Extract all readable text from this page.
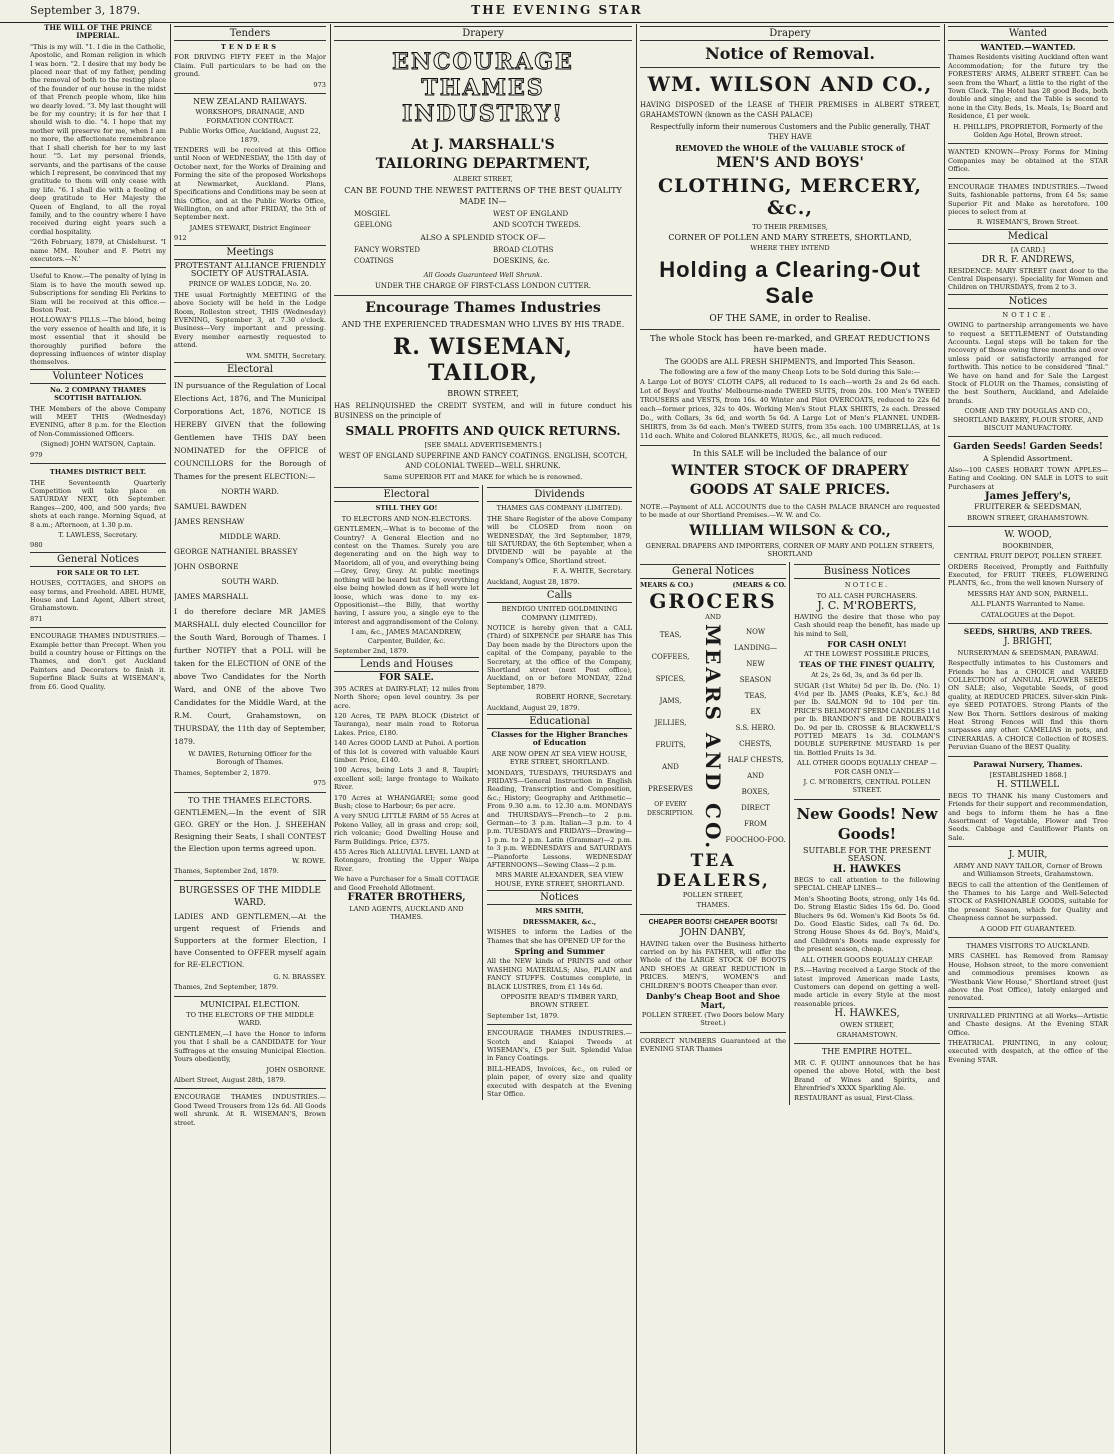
September 3, 1879.	THE EVENING STAR

THE WILL OF THE PRINCE IMPERIAL.

"This is my will. "1. I die in the Catholic, Apostolic, and Roman religion in which I was born. "2. I desire that my body be placed near that of my father, pending the removal of both to the resting place of the founder of our house in the midst of that French people whom, like him we dearly loved. "3. My last thought will be for my country; it is for her that I should wish to die. "4. I hope that my mother will preserve for me, when I am no more, the affectionate remembrance that I shall cherish for her to my last hour. "5. Let my personal friends, servants, and the partisans of the cause which I represent, be convinced that my gratitude to them will only cease with my life. "6. I shall die with a feeling of deep gratitude to Her Majesty the Queen of England, to all the royal family, and to the country where I have received during eight years such a cordial hospitality.

"26th February, 1879, at Chislehurst. "I name MM. Rouher and F. Pietri my executors.—N.'

Useful to Know.—The penalty of lying in Siam is to have the mouth sewed up. Subscriptions for sending Eli Perkins to Siam will be received at this office.—Boston Post.

HOLLOWAY'S PILLS.—The blood, being the very essence of health and life, it is most essential that it should be thoroughly purified before the depressing influences of winter display themselves.

Volunteer Notices

No. 2 COMPANY THAMES SCOTTISH BATTALION.

THE Members of the above Company will MEET THIS (Wednesday) EVENING, after 8 p.m. for the Election of Non-Commissioned Officers.

(Signed) JOHN WATSON, Captain.

979

THAMES DISTRICT BELT.

THE Seventeenth Quarterly Competition will take place on SATURDAY NEXT, 6th September. Ranges—200, 400, and 500 yards; five shots at each range. Morning Squad, at 8 a.m.; Afternoon, at 1.30 p.m.

T. LAWLESS, Secretary.

980

General Notices

FOR SALE OR TO LET.

HOUSES, COTTAGES, and SHOPS on easy terms, and Freehold. ABEL HUME, House and Land Agent, Albert street, Grahamstown.

871

ENCOURAGE THAMES INDUSTRIES.—Example better than Precept. When you build a country house or Fittings on the Thames, and don't get Auckland Painters and Decorators to finish it. Superfine Black Suits at WISEMAN's, from £6. Good Quality.

Tenders

TENDERS

FOR DRIVING FIFTY FEET in the Major Claim. Full particulars to be had on the ground.

973

NEW ZEALAND RAILWAYS.

WORKSHOPS, DRAINAGE, AND FORMATION CONTRACT.

Public Works Office, Auckland, August 22, 1879.

TENDERS will be received at this Office until Noon of WEDNESDAY, the 15th day of October next, for the Works of Draining and Forming the site of the proposed Workshops at Newmarket, Auckland. Plans, Specifications and Conditions may be seen at this Office, and at the Public Works Office, Wellington, on and after FRIDAY, the 5th of September next.

JAMES STEWART, District Engineer

912

Meetings

PROTESTANT ALLIANCE FRIENDLY SOCIETY OF AUSTRALASIA.

PRINCE OF WALES LODGE, No. 20.

THE usual Fortnightly MEETING of the above Society will be held in the Lodge Room, Rolleston street, THIS (Wednesday) EVENING, September 3, at 7.30 o'clock. Business—Very important and pressing. Every member earnestly requested to attend.

WM. SMITH, Secretary.

Electoral

IN pursuance of the Regulation of Local Elections Act, 1876, and The Municipal Corporations Act, 1876, NOTICE IS HEREBY GIVEN that the following Gentlemen have THIS DAY been NOMINATED for the OFFICE of COUNCILLORS for the Borough of Thames for the present ELECTION:—

NORTH WARD.

SAMUEL BAWDEN

JAMES RENSHAW

MIDDLE WARD.

GEORGE NATHANIEL BRASSEY

JOHN OSBORNE

SOUTH WARD.

JAMES MARSHALL

I do therefore declare MR JAMES MARSHALL duly elected Councillor for the South Ward, Borough of Thames. I further NOTIFY that a POLL will be taken for the ELECTION of ONE of the above Two Candidates for the North Ward, and ONE of the above Two Candidates for the Middle Ward, at the R.M. Court, Grahamstown, on THURSDAY, the 11th day of September, 1879.

W. DAVIES, Returning Officer for the Borough of Thames.

Thames, September 2, 1879.

975

TO THE THAMES ELECTORS.

GENTLEMEN,—In the event of SIR GEO. GREY or the Hon. J. SHEEHAN Resigning their Seats, I shall CONTEST the Election upon terms agreed upon.

W. ROWE.

Thames, September 2nd, 1879.

BURGESSES OF THE MIDDLE WARD.

LADIES AND GENTLEMEN,—At the urgent request of Friends and Supporters at the former Election, I have Consented to OFFER myself again for RE-ELECTION.

G. N. BRASSEY.

Thames, 2nd September, 1879.

MUNICIPAL ELECTION.

TO THE ELECTORS OF THE MIDDLE WARD.

GENTLEMEN,—I have the Honor to inform you that I shall be a CANDIDATE for Your Suffrages at the ensuing Municipal Election. Yours obediently,

JOHN OSBORNE.

Albert Street, August 28th, 1879.

ENCOURAGE THAMES INDUSTRIES.—Good Tweed Trousers from 12s 6d. All Goods well shrunk. At R. WISEMAN'S, Brown street.

Drapery
ENCOURAGE
THAMES
INDUSTRY!
At J. MARSHALL'S
TAILORING DEPARTMENT,

ALBERT STREET,

CAN BE FOUND THE NEWEST PATTERNS OF THE BEST QUALITY MADE IN—

MOSGIEL
GEELONG
WEST OF ENGLAND
AND SCOTCH TWEEDS.

ALSO A SPLENDID STOCK OF—

FANCY WORSTED
COATINGS
BROAD CLOTHS
DOESKINS, &c.

All Goods Guaranteed Well Shrunk.

UNDER THE CHARGE OF FIRST-CLASS LONDON CUTTER.

Encourage Thames Industries

AND THE EXPERIENCED TRADESMAN WHO LIVES BY HIS TRADE.

R. WISEMAN, TAILOR,

BROWN STREET,

HAS RELINQUISHED the CREDIT SYSTEM, and will in future conduct his BUSINESS on the principle of

SMALL PROFITS AND QUICK RETURNS.

[SEE SMALL ADVERTISEMENTS.]

WEST OF ENGLAND SUPERFINE AND FANCY COATINGS. ENGLISH, SCOTCH, AND COLONIAL TWEED—WELL SHRUNK.

Same SUPERIOR FIT and MAKE for which he is renowned.

Electoral

STILL THEY GO!

TO ELECTORS AND NON-ELECTORS.

GENTLEMEN,—What is to become of the Country? A General Election and no contest on the Thames. Surely you are degenerating and on the high way to Maoridom, all of you, and everything being—Grey, Grey, Grey. At public meetings nothing will be heard but Grey, everything else being howled down as if hell were let loose, which was done to my ex-Oppositionist—the Billy, that worthy having, I assure you, a single eye to the interest and aggrandisement of the Colony.

I am, &c., JAMES MACANDREW, Carpenter, Builder, &c.

September 2nd, 1879.

Lends and Houses

FOR SALE.

395 ACRES at DAIRY-FLAT; 12 miles from North Shore; open level country. 3s per acre.

120 Acres, TE PAPA BLOCK (District of Tauranga), near main road to Rotorua Lakes. Price, £180.

140 Acres GOOD LAND at Puhoi. A portion of this lot is covered with valuable Kauri timber. Price, £140.

100 Acres, being Lots 3 and 8, Taupiri; excellent soil; large frontage to Waikato River.

170 Acres at WHANGAREI; some good Bush; close to Harbour; 6s per acre.

A very SNUG LITTLE FARM of 55 Acres at Pokeno Valley, all in grass and crop; soil, rich volcanic; Good Dwelling House and Farm Buildings. Price, £375.

455 Acres Rich ALLUVIAL LEVEL LAND at Rotongaro, fronting the Upper Waipa River.

We have a Purchaser for a Small COTTAGE and Good Freehold Allotment.

FRATER BROTHERS,

LAND AGENTS, AUCKLAND AND THAMES.

Dividends

THAMES GAS COMPANY (LIMITED).

THE Share Register of the above Company will be CLOSED from noon on WEDNESDAY, the 3rd September, 1879, till SATURDAY, the 6th September, when a DIVIDEND will be payable at the Company's Office, Shortland street.

F. A. WHITE, Secretary.

Auckland, August 28, 1879.

Calls

BENDIGO UNITED GOLDMINING COMPANY (LIMITED).

NOTICE is hereby given that a CALL (Third) of SIXPENCE per SHARE has This Day been made by the Directors upon the capital of the Company, payable to the Secretary, at the office of the Company, Shortland street (next Post office), Auckland, on or before MONDAY, 22nd September, 1879.

ROBERT HORNE, Secretary.

Auckland, August 29, 1879.

Educational

Classes for the Higher Branches of Education

ARE NOW OPEN AT SEA VIEW HOUSE, EYRE STREET, SHORTLAND.

MONDAYS, TUESDAYS, THURSDAYS and FRIDAYS—General Instruction in English Reading, Transcription and Composition, &c.; History; Geography and Arithmetic—From 9.30 a.m. to 12.30 a.m. MONDAYS and THURSDAYS—French—to 2 p.m. German—to 3 p.m. Italian—3 p.m. to 4 p.m. TUESDAYS and FRIDAYS—Drawing—1 p.m. to 2 p.m. Latin (Grammar)—2 p.m. to 3 p.m. WEDNESDAYS and SATURDAYS—Pianoforte Lessons. WEDNESDAY AFTERNOONS—Sewing Class—2 p.m.

MRS MARIE ALEXANDER, SEA VIEW HOUSE, EYRE STREET, SHORTLAND.

Notices

MRS SMITH,

DRESSMAKER, &c.,

WISHES to inform the Ladies of the Thames that she has OPENED UP for the

Spring and Summer

All the NEW kinds of PRINTS and other WASHING MATERIALS; Also, PLAIN and FANCY STUFFS. Costumes complete, in BLACK LUSTRES, from £1 14s 6d.

OPPOSITE READ'S TIMBER YARD, BROWN STREET.

September 1st, 1879.

ENCOURAGE THAMES INDUSTRIES.—Scotch and Kaiapoi Tweeds at WISEMAN's, £5 per Suit. Splendid Value in Fancy Coatings.

BILL-HEADS, Invoices, &c., on ruled or plain paper, of every size and quality executed with despatch at the Evening Star Office.

Drapery
Notice of Removal.
WM. WILSON AND CO.,

HAVING DISPOSED of the LEASE of THEIR PREMISES in ALBERT STREET, GRAHAMSTOWN (known as the CASH PALACE)

Respectfully inform their numerous Customers and the Public generally, THAT THEY HAVE

REMOVED the WHOLE of the VALUABLE STOCK of

MEN'S AND BOYS'
CLOTHING, MERCERY, &c.,

TO THEIR PREMISES,

CORNER OF POLLEN AND MARY STREETS, SHORTLAND,

WHERE THEY INTEND

Holding a Clearing-Out Sale

OF THE SAME, in order to Realise.

The whole Stock has been re-marked, and GREAT REDUCTIONS have been made.

The GOODS are ALL FRESH SHIPMENTS, and Imported This Season.

The following are a few of the many Cheap Lots to be Sold during this Sale:—

A Large Lot of BOYS' CLOTH CAPS, all reduced to 1s each—worth 2s and 2s 6d each. Lot of Boys' and Youths' Melbourne-made TWEED SUITS, from 20s. 100 Men's TWEED TROUSERS and VESTS, from 16s. 40 Winter and Pilot OVERCOATS, reduced to 22s 6d each—former prices, 32s to 40s. Working Men's Stout FLAX SHIRTS, 2s each. Dressed Do., with Collars, 3s 6d, and worth 5s 6d. A Large Lot of Men's FLANNEL UNDER-SHIRTS, from 3s 6d each. Men's TWEED SUITS, from 35s each. 100 UMBRELLAS, at 1s 11d each. White and Colored BLANKETS, RUGS, &c., all much reduced.

In this SALE will be included the balance of our

WINTER STOCK OF DRAPERY GOODS AT SALE PRICES.

NOTE.—Payment of ALL ACCOUNTS due to the CASH PALACE BRANCH are requested to be made at our Shortland Premises.—W. W. and Co.

WILLIAM WILSON & CO.,

GENERAL DRAPERS AND IMPORTERS, CORNER OF MARY AND POLLEN STREETS, SHORTLAND

General Notices
MEARS & CO.)	(MEARS & CO.
GROCERS

AND

TEAS,
COFFEES,
SPICES,
JAMS,
JELLIES,
FRUITS,
AND
PRESERVES
OF EVERY DESCRIPTION. MEARS AND CO.	NOW
LANDING—
NEW
SEASON
TEAS,
EX
S.S. HERO.
CHESTS,
HALF CHESTS,
AND
BOXES,
DIRECT
FROM
FOOCHOO-FOO.
TEA DEALERS,

POLLEN STREET,

THAMES.

CHEAPER BOOTS! CHEAPER BOOTS!

JOHN DANBY,

HAVING taken over the Business hitherto carried on by his FATHER, will offer the Whole of the LARGE STOCK OF BOOTS AND SHOES At GREAT REDUCTION in PRICES. MEN'S, WOMEN'S and CHILDREN'S BOOTS Cheaper than ever.

Danby's Cheap Boot and Shoe Mart,

POLLEN STREET. (Two Doors below Mary Street.)

CORRECT NUMBERS Guaranteed at the EVENING STAR Thames

Business Notices

NOTICE.

TO ALL CASH PURCHASERS.

J. C. M'ROBERTS,

HAVING the desire that those who pay Cash should reap the benefit, has made up his mind to Sell,

FOR CASH ONLY!

AT THE LOWEST POSSIBLE PRICES,

TEAS OF THE FINEST QUALITY,

At 2s, 2s 6d, 3s, and 3s 6d per lb.

SUGAR (1st White) 5d per lb. Do. (No. 1) 4½d per lb. JAMS (Peaks, K.E's, &c.) 8d per lb. SALMON 9d to 10d per tin. PRICE'S BELMONT SPERM CANDLES 11d per lb. BRANDON'S and DE ROUBAIX'S Do. 9d per lb. CROSSE & BLACKWELL'S POTTED MEATS 1s 3d. COLMAN'S DOUBLE SUPERFINE MUSTARD 1s per tin. Bottled Fruits 1s 3d.

ALL OTHER GOODS EQUALLY CHEAP —FOR CASH ONLY—

J. C. M'ROBERTS, CENTRAL POLLEN STREET.

New Goods! New Goods!

SUITABLE FOR THE PRESENT SEASON.

H. HAWKES

BEGS to call attention to the following SPECIAL CHEAP LINES—

Men's Shooting Boots, strong, only 14s 6d. Do. Strong Elastic Sides 15s 6d. Do. Good Bluchers 9s 6d. Women's Kid Boots 5s 6d. Do. Good Elastic Sides, call 7s 6d. Do. Strong House Shoes 4s 6d. Boy's, Maid's, and Children's Boots made expressly for the present season, cheap.

ALL OTHER GOODS EQUALLY CHEAP.

P.S.—Having received a Large Stock of the latest improved American made Lasts, Customers can depend on getting a well-made article in every Style at the most reasonable prices.

H. HAWKES,

OWEN STREET,

GRAHAMSTOWN.

THE EMPIRE HOTEL.

MR C. F. QUINT announces that he has opened the above Hotel, with the best Brand of Wines and Spirits, and Ehrenfried's XXXX Sparkling Ale.

RESTAURANT as usual, First-Class.

Wanted

WANTED.—WANTED.

Thames Residents visiting Auckland often want Accommodation; for the future try the FORESTERS' ARMS, ALBERT STREET. Can be seen from the Wharf, a little to the right of the Town Clock. The Hotel has 28 good Beds, both double and single; and the Table is second to none in the City. Beds, 1s. Meals, 1s; Board and Residence, £1 per week.

H. PHILLIPS, PROPRIETOR, Formerly of the Golden Age Hotel, Brown street.

WANTED KNOWN—Proxy Forms for Mining Companies may be obtained at the STAR Office.

ENCOURAGE THAMES INDUSTRIES.—Tweed Suits, fashionable patterns, from £4 5s; same Superior Fit and Make as heretofore. 100 pieces to select from at

R. WISEMAN'S, Brown Street.

Medical

[A CARD.]

DR R. F. ANDREWS,

RESIDENCE: MARY STREET (next door to the Central Dispensary). Speciality for Women and Children on THURSDAYS, from 2 to 3.

Notices

NOTICE.

OWING to partnership arrangements we have to request a SETTLEMENT of Outstanding Accounts. Legal steps will be taken for the recovery of those owing three months and over unless paid or satisfactorily arranged for forthwith. This notice to be considered "final." We have on hand and for Sale the Largest Stock of FLOUR on the Thames, consisting of the best Southern, Auckland, and Adelaide brands.

COME AND TRY DOUGLAS AND CO., SHORTLAND BAKERY, FLOUR STORE, AND BISCUIT MANUFACTORY.

Garden Seeds! Garden Seeds!

A Splendid Assortment.

Also—100 CASES HOBART TOWN APPLES—Eating and Cooking. ON SALE in LOTS to suit Purchasers at

James Jeffery's,

FRUITERER & SEEDSMAN,

BROWN STREET, GRAHAMSTOWN.

W. WOOD,

BOOKBINDER,

CENTRAL FRUIT DEPOT, POLLEN STREET.

ORDERS Received, Promptly and Faithfully Executed, for FRUIT TREES, FLOWERING PLANTS, &c., from the well known Nursery of

MESSRS HAY AND SON, PARNELL.

ALL PLANTS Warranted to Name.

CATALOGUES at the Depot.

SEEDS, SHRUBS, AND TREES.

J. BRIGHT,

NURSERYMAN & SEEDSMAN, PARAWAI.

Respectfully intimates to his Customers and Friends he has a CHOICE and VARIED COLLECTION of ANNUAL FLOWER SEEDS ON SALE; also, Vegetable Seeds, of good quality, at REDUCED PRICES. Silver-skin Pink-eye SEED POTATOES. Strong Plants of the New Box Thorn. Settlers desirous of making Heat Strong Fences will find this thorn surpasses any other. CAMELIAS in pots, and CINERARIAS. A CHOICE Collection of ROSES. Peruvian Guano of the BEST Quality.

Parawai Nursery, Thames.

[ESTABLISHED 1868.]

H. STILWELL

BEGS TO THANK his many Customers and Friends for their support and recommendation, and begs to inform them he has a fine Assortment of Vegetable, Flower and Tree Seeds. Cabbage and Cauliflower Plants on Sale.

J. MUIR,

ARMY AND NAVY TAILOR, Corner of Brown and Williamson Streets, Grahamstown.

BEGS to call the attention of the Gentlemen of the Thames to his Large and Well-Selected STOCK of FASHIONABLE GOODS, suitable for the present Season, which for Quality and Cheapness cannot be surpassed.

A GOOD FIT GUARANTEED.

THAMES VISITORS TO AUCKLAND.

MRS CASHEL has Removed from Ramsay House, Hobson street, to the more convenient and commodious premises known as "Westbank View House," Shortland street (just above the Post Office), lately enlarged and renovated.

UNRIVALLED PRINTING at all Works—Artistic and Chaste designs. At the Evening STAR Office.

THEATRICAL PRINTING, in any colour, executed with despatch, at the office of the Evening STAR.
